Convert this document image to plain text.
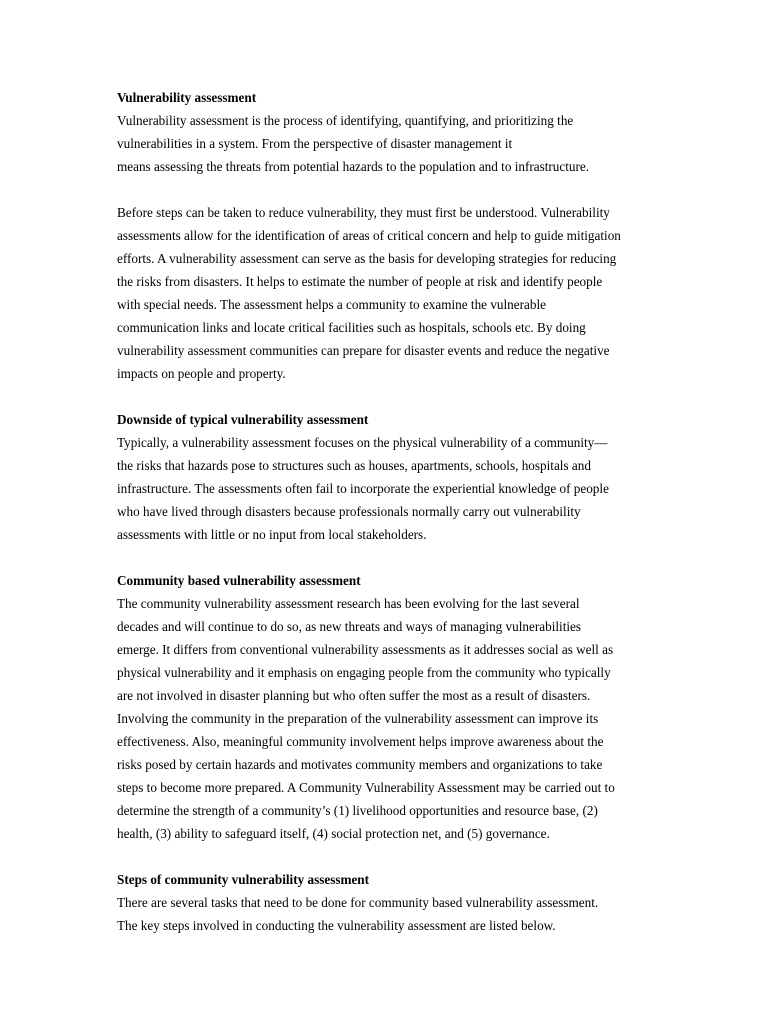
Vulnerability assessment
Vulnerability assessment is the process of identifying, quantifying, and prioritizing the
vulnerabilities in a system. From the perspective of disaster management it
means assessing the threats from potential hazards to the population and to infrastructure.
Before steps can be taken to reduce vulnerability, they must first be understood. Vulnerability
assessments allow for the identification of areas of critical concern and help to guide mitigation
efforts. A vulnerability assessment can serve as the basis for developing strategies for reducing
the risks from disasters. It helps to estimate the number of people at risk and identify people
with special needs. The assessment helps a community to examine the vulnerable
communication links and locate critical facilities such as hospitals, schools etc. By doing
vulnerability assessment communities can prepare for disaster events and reduce the negative
impacts on people and property.
Downside of typical vulnerability assessment
Typically, a vulnerability assessment focuses on the physical vulnerability of a community—
the risks that hazards pose to structures such as houses, apartments, schools, hospitals and
infrastructure. The assessments often fail to incorporate the experiential knowledge of people
who have lived through disasters because professionals normally carry out vulnerability
assessments with little or no input from local stakeholders.
Community based vulnerability assessment
The community vulnerability assessment research has been evolving for the last several
decades and will continue to do so, as new threats and ways of managing vulnerabilities
emerge. It differs from conventional vulnerability assessments as it addresses social as well as
physical vulnerability and it emphasis on engaging people from the community who typically
are not involved in disaster planning but who often suffer the most as a result of disasters.
Involving the community in the preparation of the vulnerability assessment can improve its
effectiveness. Also, meaningful community involvement helps improve awareness about the
risks posed by certain hazards and motivates community members and organizations to take
steps to become more prepared. A Community Vulnerability Assessment may be carried out to
determine the strength of a community’s (1) livelihood opportunities and resource base, (2)
health, (3) ability to safeguard itself, (4) social protection net, and (5) governance.
Steps of community vulnerability assessment
There are several tasks that need to be done for community based vulnerability assessment.
The key steps involved in conducting the vulnerability assessment are listed below.
